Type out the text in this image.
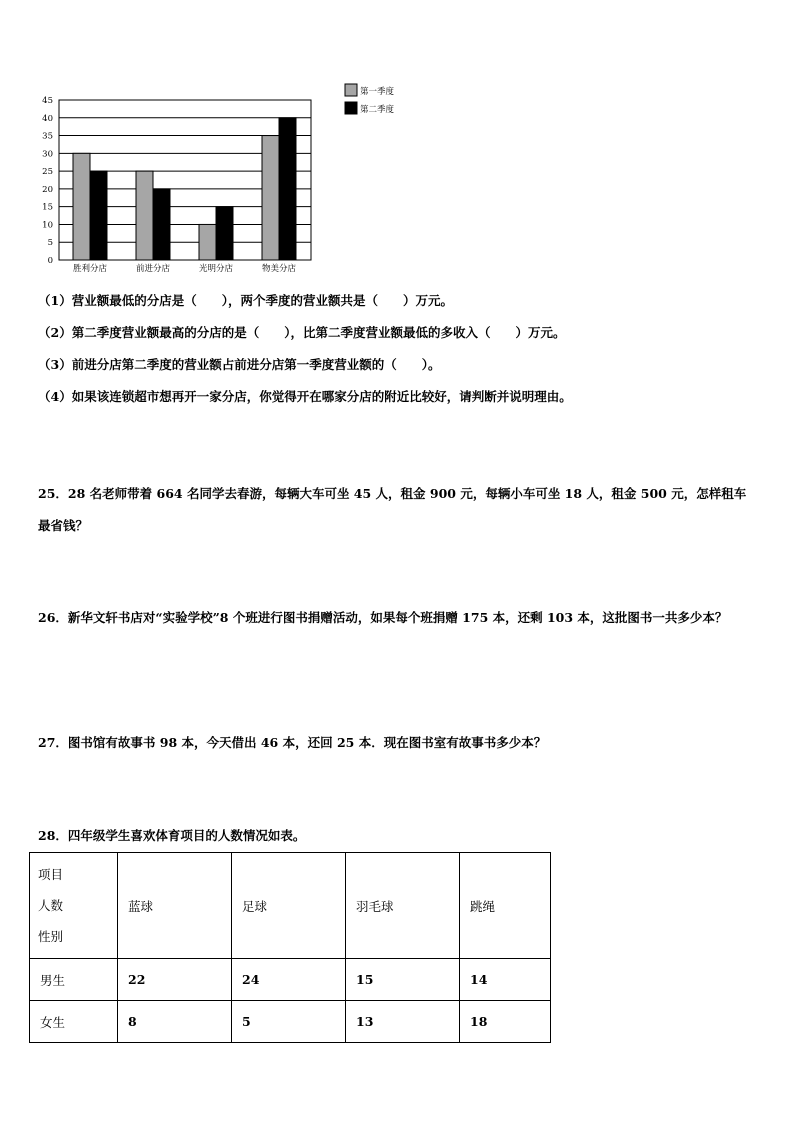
0
5
10
15
20
25
30
35
40
45
胜利分店	前进分店	光明分店	物美分店
第一季度
第二季度
（1）营业额最低的分店是（　　），两个季度的营业额共是（　　）万元。
（2）第二季度营业额最高的分店的是（　　），比第二季度营业额最低的多收入（　　）万元。
（3）前进分店第二季度的营业额占前进分店第一季度营业额的（　　）。
（4）如果该连锁超市想再开一家分店，你觉得开在哪家分店的附近比较好，请判断并说明理由。
25．28 名老师带着 664 名同学去春游，每辆大车可坐 45 人，租金 900 元，每辆小车可坐 18 人，租金 500 元，怎样租车最省钱？
26．新华文轩书店对“实验学校”8 个班进行图书捐赠活动，如果每个班捐赠 175 本，还剩 103 本，这批图书一共多少本？
27．图书馆有故事书 98 本，今天借出 46 本，还回 25 本．现在图书室有故事书多少本？
28．四年级学生喜欢体育项目的人数情况如表。
项目
人数
性别	蓝球	足球	羽毛球	跳绳
男生	22	24	15	14
女生	8	5	13	18
